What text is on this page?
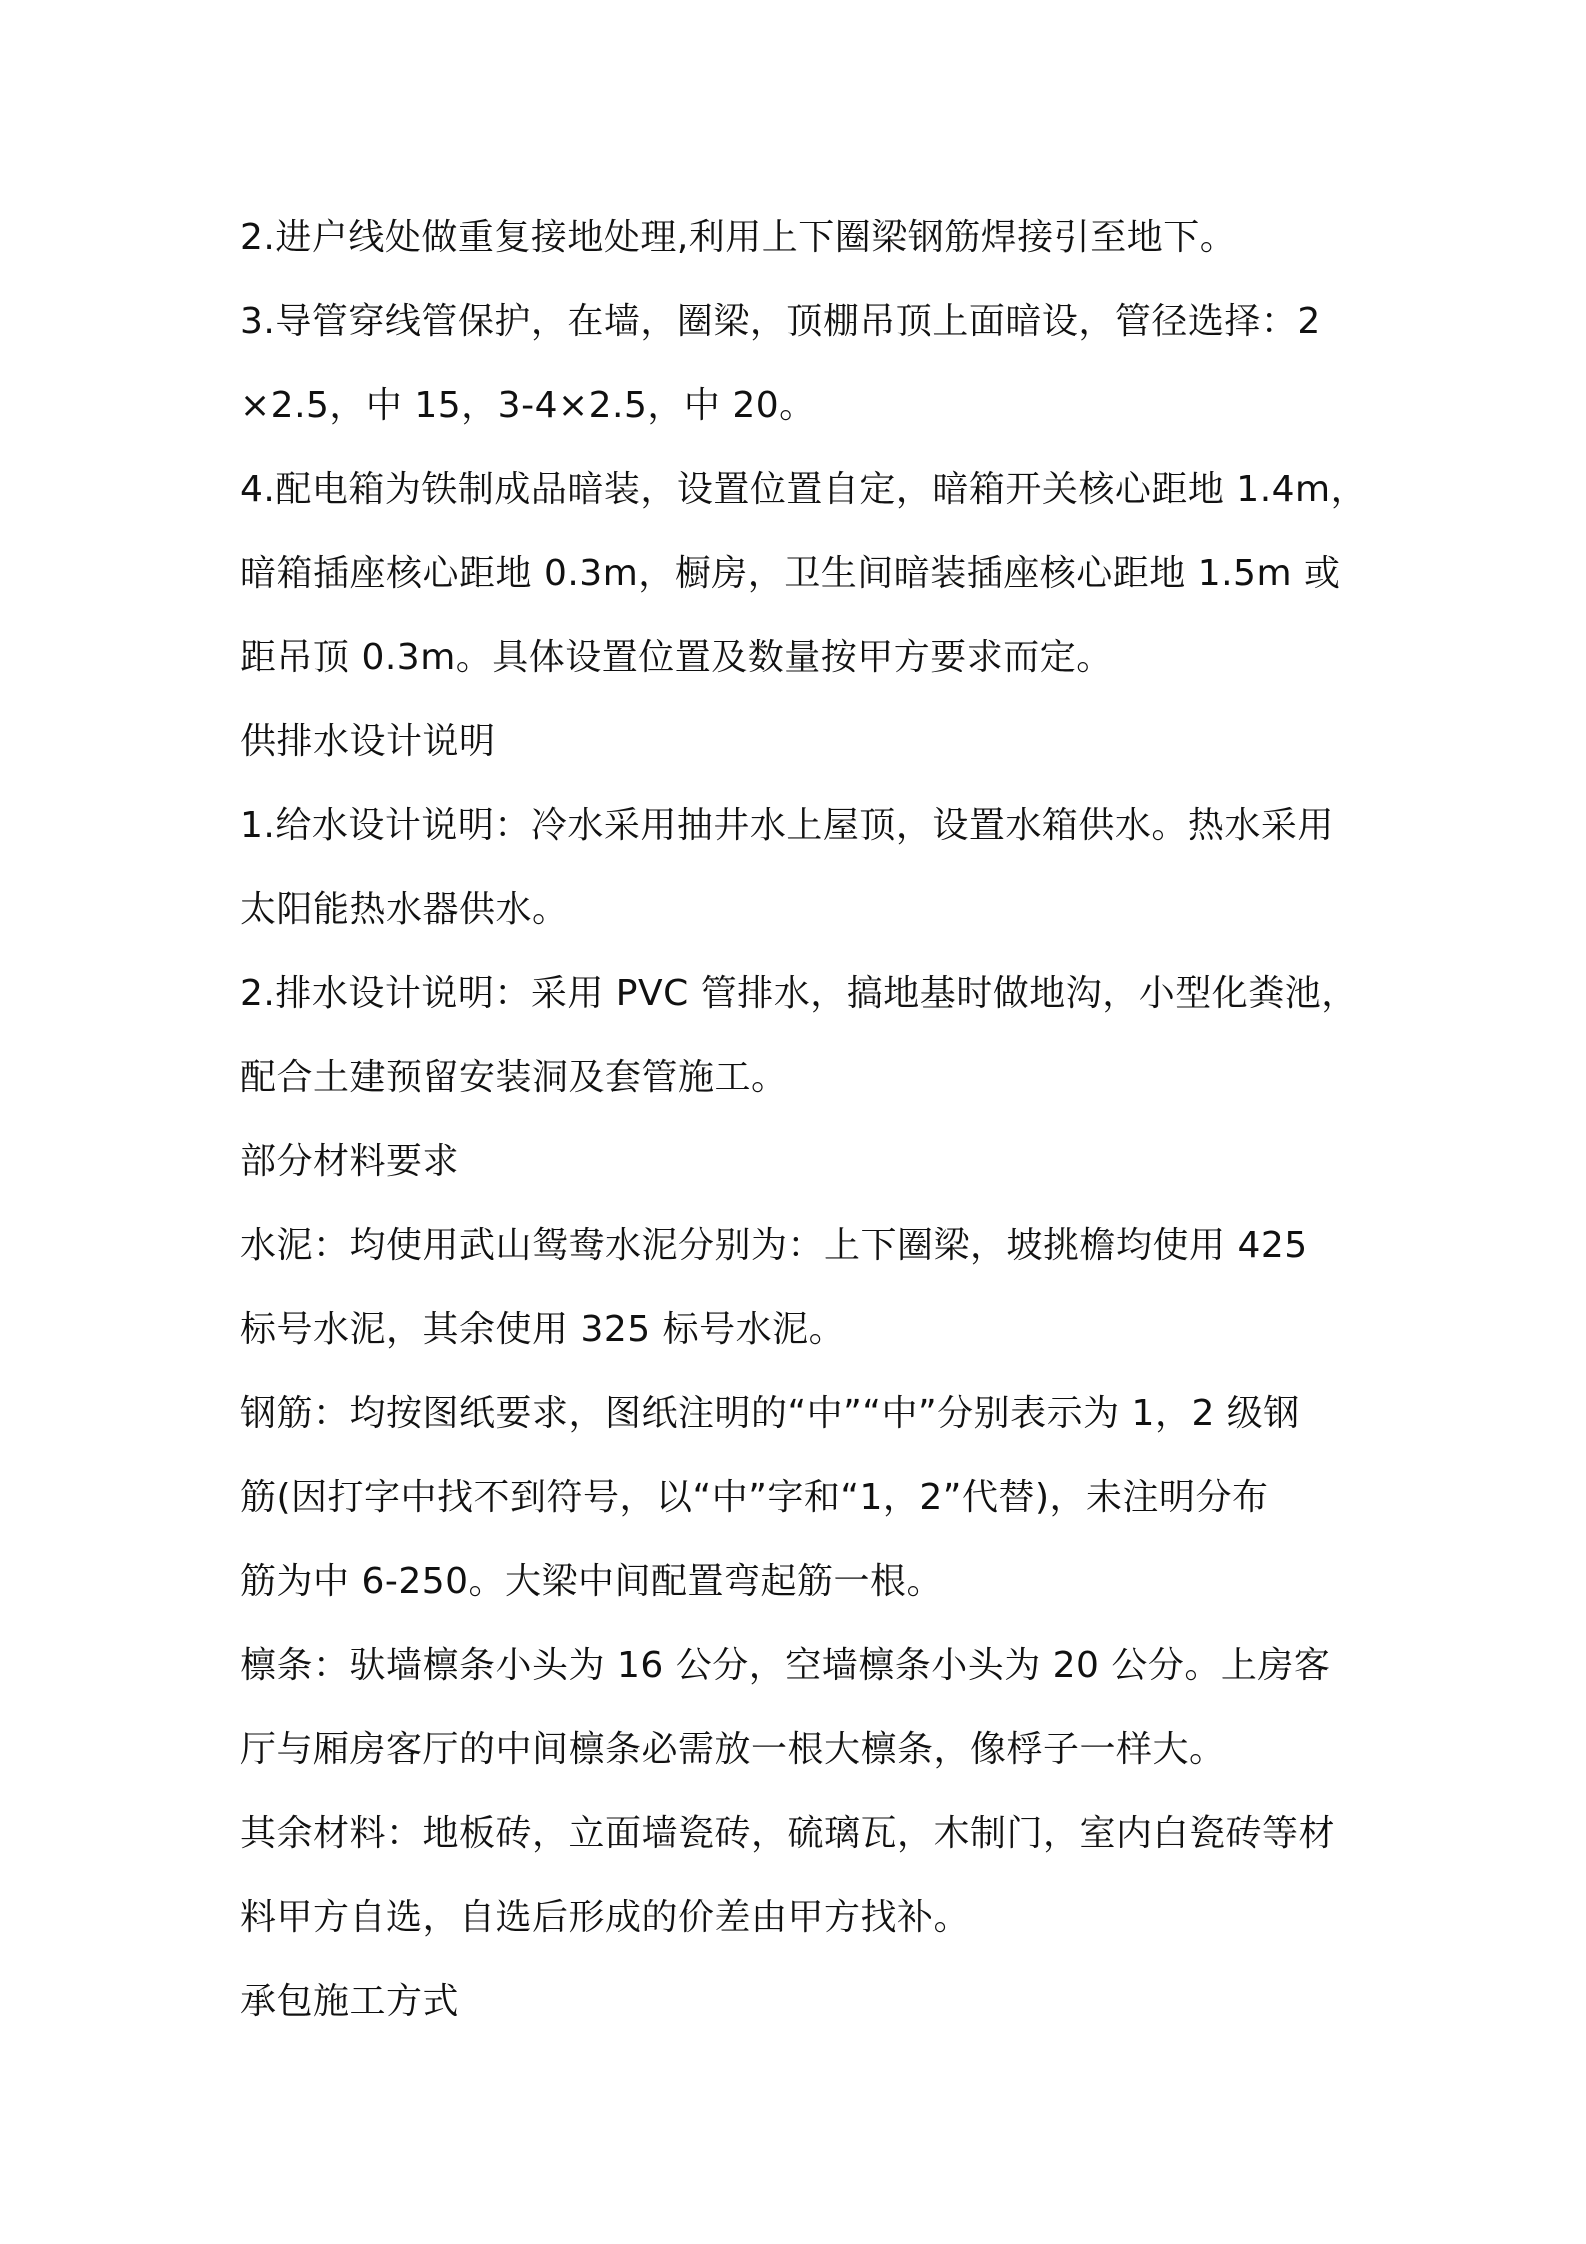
2.进户线处做重复接地处理,利用上下圈梁钢筋焊接引至地下。

3.导管穿线管保护，在墙，圈梁，顶棚吊顶上面暗设，管径选择：2
×2.5，中 15，3-4×2.5，中 20。

4.配电箱为铁制成品暗装，设置位置自定，暗箱开关核心距地 1.4m，
暗箱插座核心距地 0.3m，橱房，卫生间暗装插座核心距地 1.5m 或
距吊顶 0.3m。具体设置位置及数量按甲方要求而定。

供排水设计说明

1.给水设计说明：冷水采用抽井水上屋顶，设置水箱供水。热水采用
太阳能热水器供水。

2.排水设计说明：采用 PVC 管排水，搞地基时做地沟，小型化粪池，
配合土建预留安装洞及套管施工。

部分材料要求

水泥：均使用武山鸳鸯水泥分别为：上下圈梁，坡挑檐均使用 425
标号水泥，其余使用 325 标号水泥。

钢筋：均按图纸要求，图纸注明的“中”“中”分别表示为 1，2 级钢
筋(因打字中找不到符号，以“中”字和“1，2”代替)，未注明分布
筋为中 6-250。大梁中间配置弯起筋一根。

檩条：驮墙檩条小头为 16 公分，空墙檩条小头为 20 公分。上房客
厅与厢房客厅的中间檩条必需放一根大檩条，像桴子一样大。

其余材料：地板砖，立面墙瓷砖，硫璃瓦，木制门，室内白瓷砖等材
料甲方自选，自选后形成的价差由甲方找补。

承包施工方式
